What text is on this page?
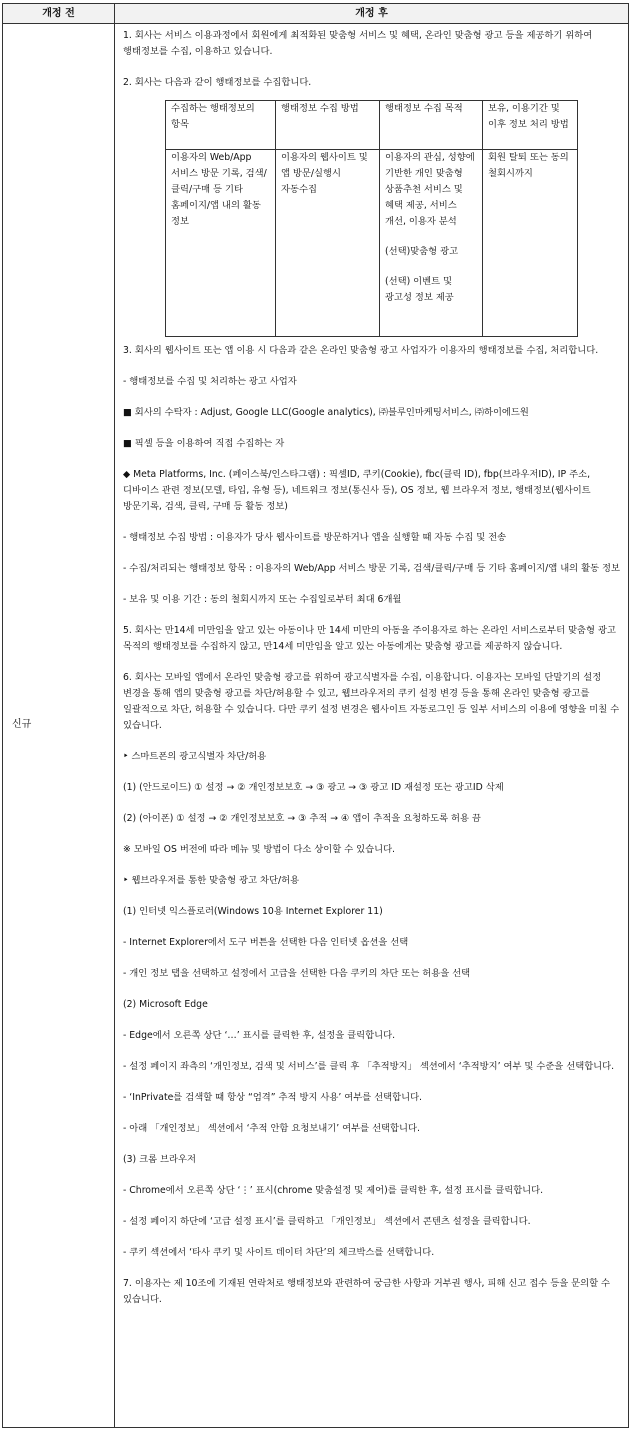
개정 전	개정 후
신규

1. 회사는 서비스 이용과정에서 회원에게 최적화된 맞춤형 서비스 및 혜택, 온라인 맞춤형 광고 등을 제공하기 위하여 행태정보를 수집, 이용하고 있습니다.

2. 회사는 다음과 같이 행태정보를 수집합니다.

수집하는 행태정보의 항목	행태정보 수집 방법	행태정보 수집 목적	보유, 이용기간 및 이후 정보 처리 방법
이용자의 Web/App 서비스 방문 기록, 검색/클릭/구매 등 기타 홈페이지/앱 내의 활동 정보	이용자의 웹사이트 및 앱 방문/실행시 자동수집	이용자의 관심, 성향에 기반한 개인 맞춤형 상품추천 서비스 및 혜택 제공, 서비스 개선, 이용자 분석

(선택)맞춤형 광고

(선택) 이벤트 및 광고성 정보 제공	회원 탈퇴 또는 동의 철회시까지

3. 회사의 웹사이트 또는 앱 이용 시 다음과 같은 온라인 맞춤형 광고 사업자가 이용자의 행태정보를 수집, 처리합니다.

- 행태정보를 수집 및 처리하는 광고 사업자

■ 회사의 수탁자 : Adjust, Google LLC(Google analytics), ㈜블루인마케팅서비스, ㈜하이에드원

■ 픽셀 등을 이용하여 직접 수집하는 자

◆ Meta Platforms, Inc. (페이스북/인스타그램) : 픽셀ID, 쿠키(Cookie), fbc(클릭 ID), fbp(브라우저ID), IP 주소, 디바이스 관련 정보(모델, 타입, 유형 등), 네트워크 정보(통신사 등), OS 정보, 웹 브라우저 정보, 행태정보(웹사이트 방문기록, 검색, 클릭, 구매 등 활동 정보)

- 행태정보 수집 방법 : 이용자가 당사 웹사이트를 방문하거나 앱을 실행할 때 자동 수집 및 전송

- 수집/처리되는 행태정보 항목 : 이용자의 Web/App 서비스 방문 기록, 검색/클릭/구매 등 기타 홈페이지/앱 내의 활동 정보

- 보유 및 이용 기간 : 동의 철회시까지 또는 수집일로부터 최대 6개월

5. 회사는 만14세 미만임을 알고 있는 아동이나 만 14세 미만의 아동을 주이용자로 하는 온라인 서비스로부터 맞춤형 광고 목적의 행태정보를 수집하지 않고, 만14세 미만임을 알고 있는 아동에게는 맞춤형 광고를 제공하지 않습니다.

6. 회사는 모바일 앱에서 온라인 맞춤형 광고를 위하여 광고식별자를 수집, 이용합니다. 이용자는 모바일 단말기의 설정 변경을 통해 앱의 맞춤형 광고를 차단/허용할 수 있고, 웹브라우저의 쿠키 설정 변경 등을 통해 온라인 맞춤형 광고를 일괄적으로 차단, 허용할 수 있습니다. 다만 쿠키 설정 변경은 웹사이트 자동로그인 등 일부 서비스의 이용에 영향을 미칠 수 있습니다.

‣ 스마트폰의 광고식별자 차단/허용

(1) (안드로이드) ① 설정 → ② 개인정보보호 → ③ 광고 → ③ 광고 ID 재설정 또는 광고ID 삭제

(2) (아이폰) ① 설정 → ② 개인정보보호 → ③ 추적 → ④ 앱이 추적을 요청하도록 허용 끔

※ 모바일 OS 버전에 따라 메뉴 및 방법이 다소 상이할 수 있습니다.

‣ 웹브라우저를 통한 맞춤형 광고 차단/허용

(1) 인터넷 익스플로러(Windows 10용 Internet Explorer 11)

- Internet Explorer에서 도구 버튼을 선택한 다음 인터넷 옵션을 선택

- 개인 정보 탭을 선택하고 설정에서 고급을 선택한 다음 쿠키의 차단 또는 허용을 선택

(2) Microsoft Edge

- Edge에서 오른쪽 상단 ‘…’ 표시를 클릭한 후, 설정을 클릭합니다.

- 설정 페이지 좌측의 ‘개인정보, 검색 및 서비스’를 클릭 후 「추적방지」 섹션에서 ‘추적방지’ 여부 및 수준을 선택합니다.

- ‘InPrivate를 검색할 때 항상 “엄격” 추적 방지 사용’ 여부를 선택합니다.

- 아래 「개인정보」 섹션에서 ‘추적 안함 요청보내기’ 여부를 선택합니다.

(3) 크롬 브라우저

- Chrome에서 오른쪽 상단 ‘⋮’ 표시(chrome 맞춤설정 및 제어)를 클릭한 후, 설정 표시를 클릭합니다.

- 설정 페이지 하단에 ‘고급 설정 표시’를 클릭하고 「개인정보」 섹션에서 콘텐츠 설정을 클릭합니다.

- 쿠키 섹션에서 ‘타사 쿠키 및 사이트 데이터 차단’의 체크박스를 선택합니다.

7. 이용자는 제 10조에 기재된 연락처로 행태정보와 관련하여 궁금한 사항과 거부권 행사, 피해 신고 접수 등을 문의할 수 있습니다.
